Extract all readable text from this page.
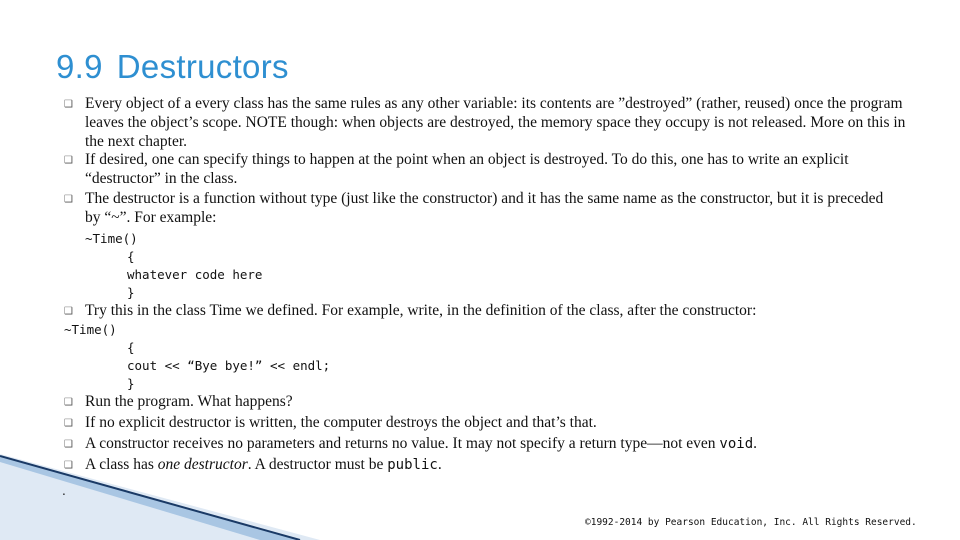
9.9 Destructors
❑ Every object of a every class has the same rules as any other variable: its contents are ”destroyed” (rather, reused) once the program leaves the object’s scope. NOTE though: when objects are destroyed, the memory space they occupy is not released. More on this in the next chapter.
❑ If desired, one can specify things to happen at the point when an object is destroyed. To do this, one has to write an explicit “destructor” in the class.
❑ The destructor is a function without type (just like the constructor) and it has the same name as the constructor, but it is preceded by “~”. For example:
~Time()
{
whatever code here
}
❑ Try this in the class Time we defined. For example, write, in the definition of the class, after the constructor:
~Time()
{
cout << “Bye bye!” << endl;
}
❑ Run the program. What happens?
❑ If no explicit destructor is written, the computer destroys the object and that’s that.
❑ A constructor receives no parameters and returns no value. It may not specify a return type—not even void.
❑ A class has one destructor. A destructor must be public.
.
©1992-2014 by Pearson Education, Inc. All Rights Reserved.
